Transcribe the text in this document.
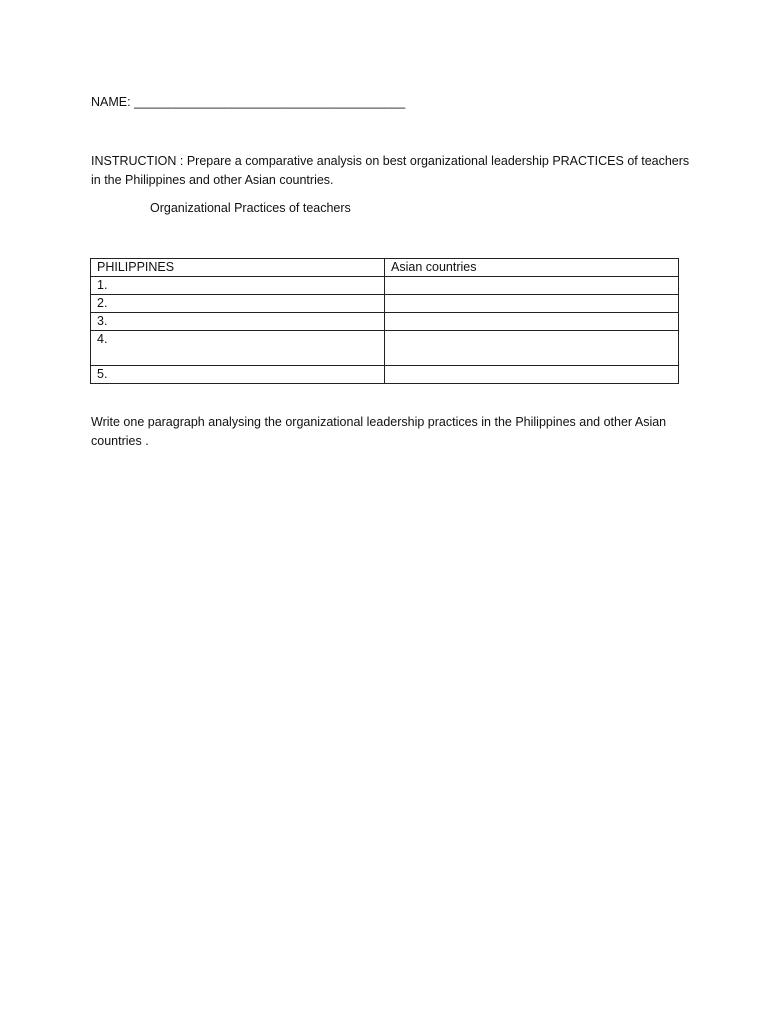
NAME: _______________________________________
INSTRUCTION : Prepare a comparative analysis on best organizational leadership PRACTICES of teachers in the Philippines and other Asian countries.
Organizational Practices of teachers
PHILIPPINES	Asian countries
1.	
2.	
3.	
4.	
5.	
Write one paragraph analysing the organizational leadership practices in the Philippines and other Asian countries .
